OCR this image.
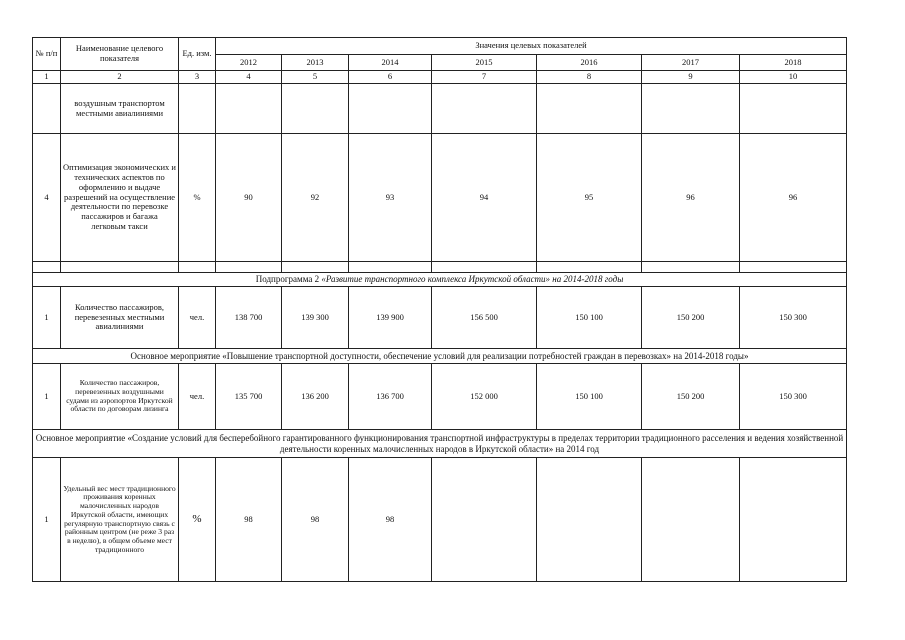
№ п/п	Наименование целевого показателя	Ед. изм.	Значения целевых показателей						
			2012	2013	2014	2015	2016	2017	2018
1	2	3	4	5	6	7	8	9	10
	воздушным транспортом местными авиалиниями								
4	Оптимизация экономических и технических аспектов по оформлению и выдаче разрешений на осуществление деятельности по перевозке пассажиров и багажа легковым такси	%	90	92	93	94	95	96	96

Подпрограмма 2 «Развитие транспортного комплекса Иркутской области» на 2014-2018 годы									
1	Количество пассажиров, перевезенных местными авиалиниями	чел.	138 700	139 300	139 900	156 500	150 100	150 200	150 300
Основное мероприятие «Повышение транспортной доступности, обеспечение условий для реализации потребностей граждан в перевозках» на 2014-2018 годы»									
1	Количество пассажиров, перевезенных воздушными судами из аэропортов Иркутской области по договорам лизинга	чел.	135 700	136 200	136 700	152 000	150 100	150 200	150 300
Основное мероприятие «Создание условий для бесперебойного гарантированного функционирования транспортной инфраструктуры в пределах территории традиционного расселения и ведения хозяйственной деятельности коренных малочисленных народов в Иркутской области» на 2014 год									
1	Удельный вес мест традиционного проживания коренных малочисленных народов Иркутской области, имеющих регулярную транспортную связь с районным центром (не реже 3 раз в неделю), в общем объеме мест традиционного	%	98	98	98				
